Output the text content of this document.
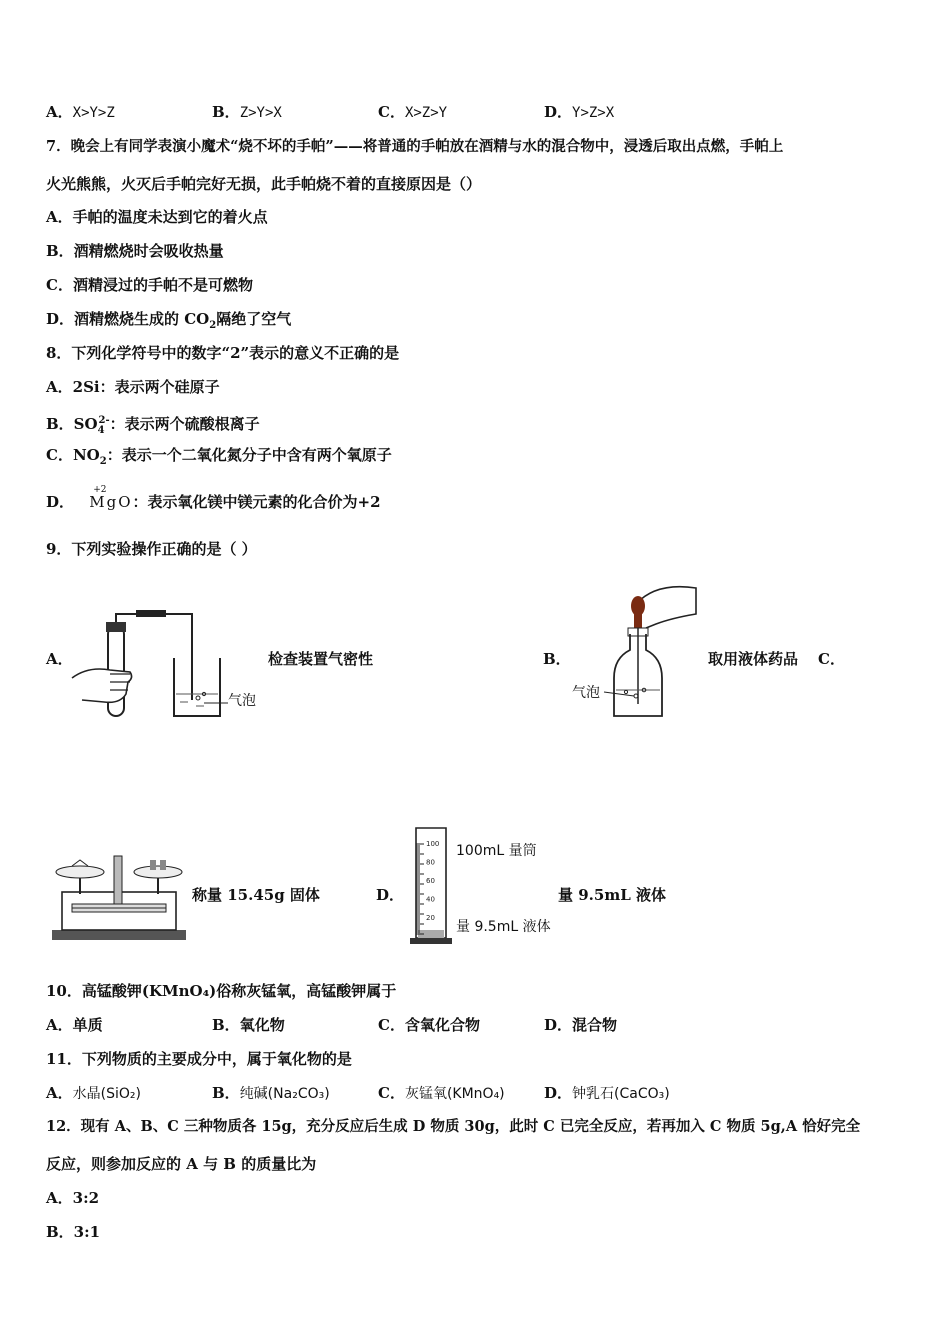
A．X>Y>Z	B．Z>Y>X	C．X>Z>Y	D．Y>Z>X
7．晚会上有同学表演小魔术“烧不坏的手帕”——将普通的手帕放在酒精与水的混合物中，浸透后取出点燃，手帕上
火光熊熊，火灭后手帕完好无损，此手帕烧不着的直接原因是（）
A．手帕的温度未达到它的着火点
B．酒精燃烧时会吸收热量
C．酒精浸过的手帕不是可燃物
D．酒精燃烧生成的 $CO_2$隔绝了空气
8．下列化学符号中的数字“2”表示的意义不正确的是
A．2Si：表示两个硅原子
B．$SO_4^{2-}$：表示两个硫酸根离子
C．$NO_2$：表示一个二氧化氮分子中含有两个氧原子
D．
+2
MgO：表示氧化镁中镁元素的化合价为+2
9．下列实验操作正确的是（ ）
A．
气泡
检查装置气密性	B．
气泡
取用液体药品 C．
称量 15.45g 固体	D．
100
80
60
40
20
100mL 量筒
量 9.5mL 液体
量 9.5mL 液体
10．高锰酸钾(KMnO₄)俗称灰锰氧，高锰酸钾属于
A．单质	B．氧化物	C．含氧化合物	D．混合物
11．下列物质的主要成分中，属于氧化物的是
A．水晶(SiO₂)	B．纯碱(Na₂CO₃)	C．灰锰氧(KMnO₄)	D．钟乳石(CaCO₃)
12．现有 A、B、C 三种物质各 15g，充分反应后生成 D 物质 30g，此时 C 已完全反应，若再加入 C 物质 5g,A 恰好完全
反应，则参加反应的 A 与 B 的质量比为
A．3:2
B．3:1
